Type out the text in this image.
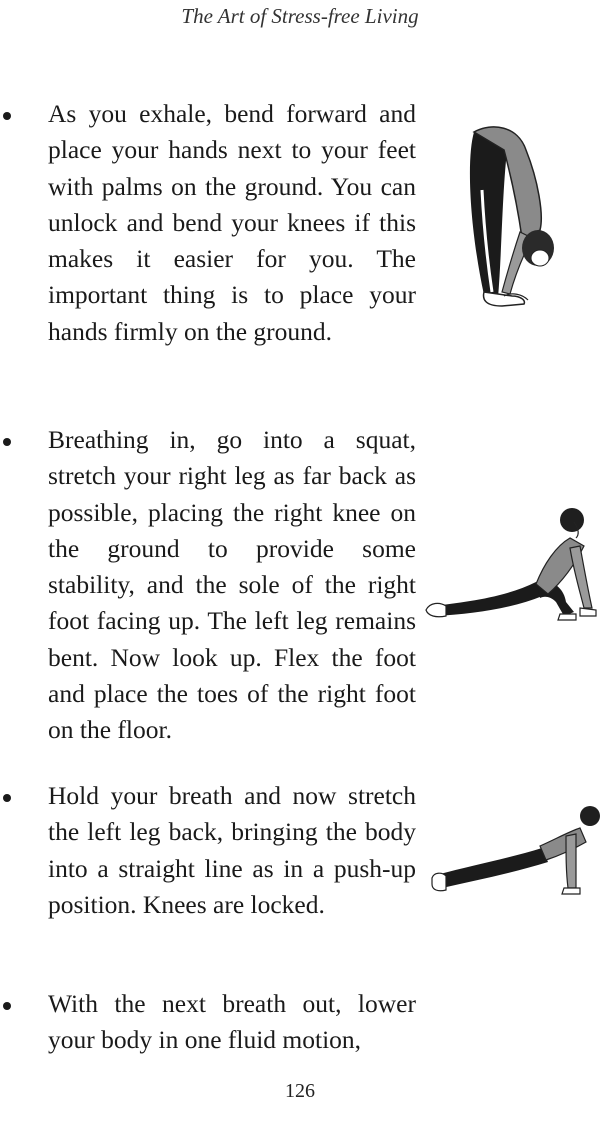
The Art of Stress-free Living
As you exhale, bend forward and place your hands next to your feet with palms on the ground. You can unlock and bend your knees if this makes it easier for you. The important thing is to place your hands firmly on the ground.
Breathing in, go into a squat, stretch your right leg as far back as possible, placing the right knee on the ground to provide some stability, and the sole of the right foot facing up. The left leg remains bent. Now look up. Flex the foot and place the toes of the right foot on the floor.
Hold your breath and now stretch the left leg back, bringing the body into a straight line as in a push-up position. Knees are locked.
With the next breath out, lower your body in one fluid motion,
126
